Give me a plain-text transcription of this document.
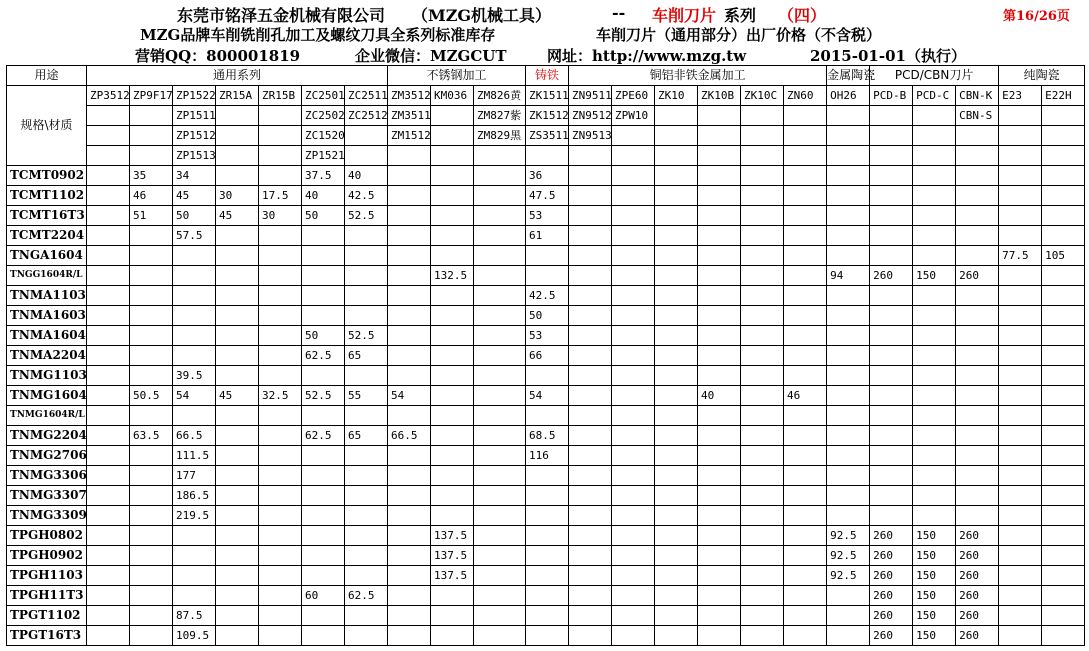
东莞市铭泽五金机械有限公司 （MZG机械工具）	-- 车削刀片 系列 （四）	第16/26页
MZG品牌车削铣削孔加工及螺纹刀具全系列标准库存	车削刀片（通用部分）出厂价格（不含税）
营销QQ：800001819	企业微信：MZGCUT	网址：http://www.mzg.tw	2015-01-01（执行）
用途	通用系列							不锈钢加工			铸铁	铜铝非铁金属加工						金属陶瓷	PCD/CBN刀片			纯陶瓷	
规格\材质	ZP3512	ZP9F17	ZP1522	ZR15A	ZR15B	ZC2501	ZC2511	ZM3512	KM036	ZM826黄	ZK1511	ZN9511	ZPE60	ZK10	ZK10B	ZK10C	ZN60	OH26	PCD-B	PCD-C	CBN-K	E23	E22H
			ZP1511			ZC2502	ZC2512	ZM3511		ZM827紫	ZK1512	ZN9512	ZPW10								CBN-S		
			ZP1512			ZC1520		ZM1512		ZM829黑	ZS3511	ZN9513											
			ZP1513			ZP1521																	
TCMT0902		35	34			37.5	40				36												
TCMT1102		46	45	30	17.5	40	42.5				47.5												
TCMT16T3		51	50	45	30	50	52.5				53												
TCMT2204			57.5								61												
TNGA1604																						77.5	105
TNGG1604R/L									132.5									94	260	150	260		
TNMA1103											42.5												
TNMA1603											50												
TNMA1604						50	52.5				53												
TNMA2204						62.5	65				66												
TNMG1103			39.5																				
TNMG1604		50.5	54	45	32.5	52.5	55	54			54				40		46						
TNMG1604R/L																							
TNMG2204		63.5	66.5			62.5	65	66.5			68.5												
TNMG2706			111.5								116												
TNMG3306			177																				
TNMG3307			186.5																				
TNMG3309			219.5																				
TPGH0802									137.5									92.5	260	150	260		
TPGH0902									137.5									92.5	260	150	260		
TPGH1103									137.5									92.5	260	150	260		
TPGH11T3						60	62.5												260	150	260		
TPGT1102			87.5																260	150	260		
TPGT16T3			109.5																260	150	260		
